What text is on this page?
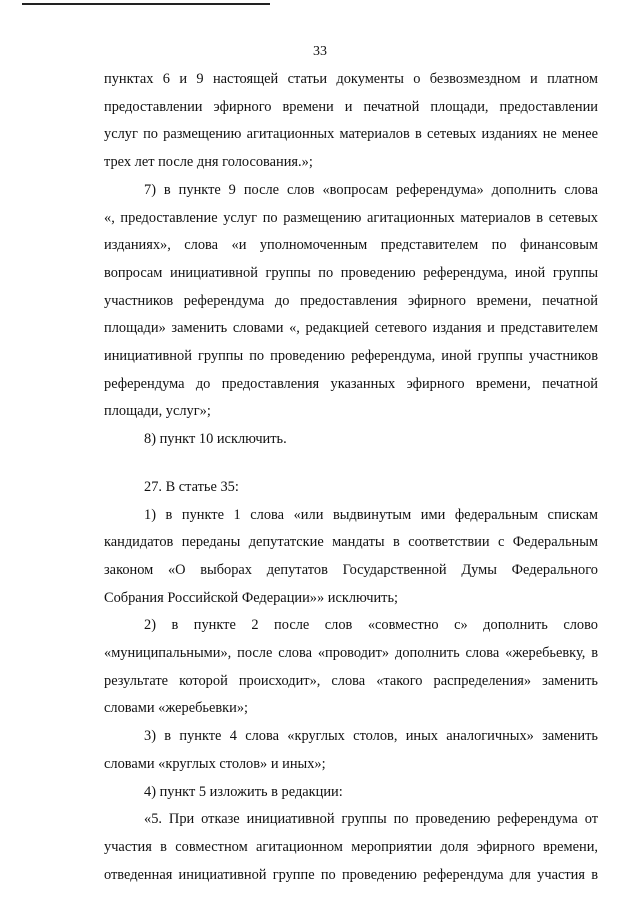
33
пунктах 6 и 9 настоящей статьи документы о безвозмездном и платном
предоставлении эфирного времени и печатной площади, предоставлении
услуг по размещению агитационных материалов в сетевых изданиях не менее
трех лет после дня голосования.»;
7) в пункте 9 после слов «вопросам референдума» дополнить слова
«, предоставление услуг по размещению агитационных материалов в сетевых
изданиях», слова «и уполномоченным представителем по финансовым
вопросам инициативной группы по проведению референдума, иной группы
участников референдума до предоставления эфирного времени, печатной
площади» заменить словами «, редакцией сетевого издания и представителем
инициативной группы по проведению референдума, иной группы участников
референдума до предоставления указанных эфирного времени, печатной
площади, услуг»;
8) пункт 10 исключить.
27. В статье 35:
1) в пункте 1 слова «или выдвинутым ими федеральным спискам
кандидатов переданы депутатские мандаты в соответствии с Федеральным
законом «О выборах депутатов Государственной Думы Федерального
Собрания Российской Федерации»» исключить;
2) в пункте 2 после слов «совместно с» дополнить слово
«муниципальными», после слова «проводит» дополнить слова «жеребьевку, в
результате которой происходит», слова «такого распределения» заменить
словами «жеребьевки»;
3) в пункте 4 слова «круглых столов, иных аналогичных» заменить
словами «круглых столов» и иных»;
4) пункт 5 изложить в редакции:
«5. При отказе инициативной группы по проведению референдума от
участия в совместном агитационном мероприятии доля эфирного времени,
отведенная инициативной группе по проведению референдума для участия в
